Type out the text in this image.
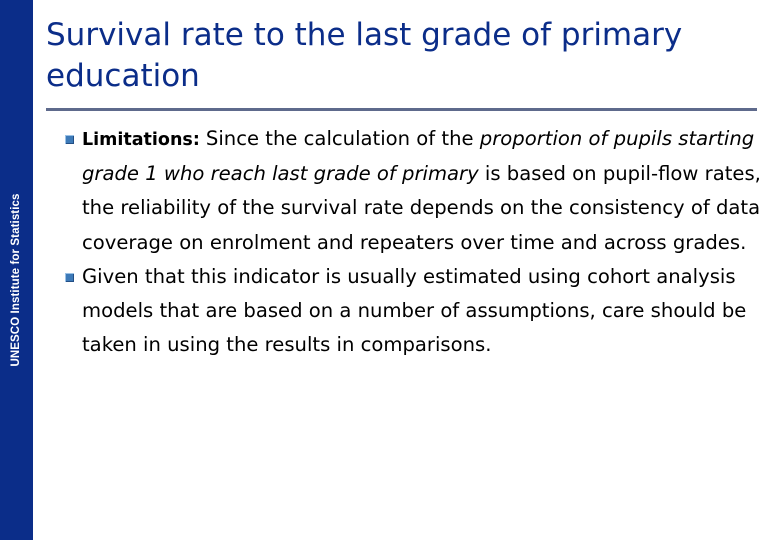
UNESCO Institute for Statistics
Survival rate to the last grade of primary education
Limitations: Since the calculation of the proportion of pupils starting grade 1 who reach last grade of primary is based on pupil-flow rates, the reliability of the survival rate depends on the consistency of data coverage on enrolment and repeaters over time and across grades.
Given that this indicator is usually estimated using cohort analysis models that are based on a number of assumptions, care should be taken in using the results in comparisons.
